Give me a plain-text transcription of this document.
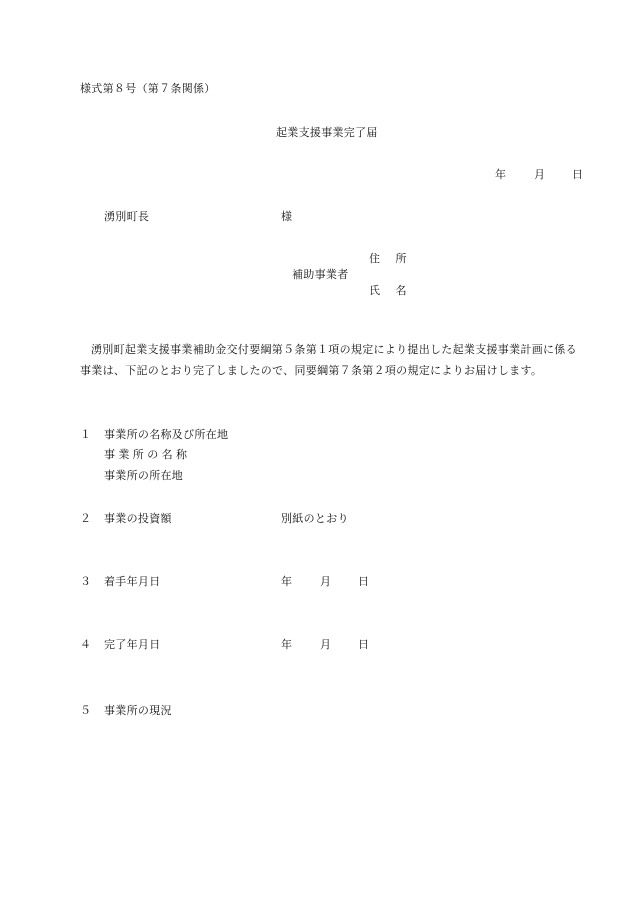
様式第８号（第７条関係）
起業支援事業完了届
年	月 日
湧別町長	様
住 所
補助事業者
氏 名
湧別町起業支援事業補助金交付要綱第５条第１項の規定により提出した起業支援事業計画に係る事業は、下記のとおり完了しましたので、同要綱第７条第２項の規定によりお届けします。
１ 事業所の名称及び所在地
事業所の名称
事業所の所在地
２ 事業の投資額	別紙のとおり
３ 着手年月日	年	月 日
４ 完了年月日	年	月 日
５ 事業所の現況
